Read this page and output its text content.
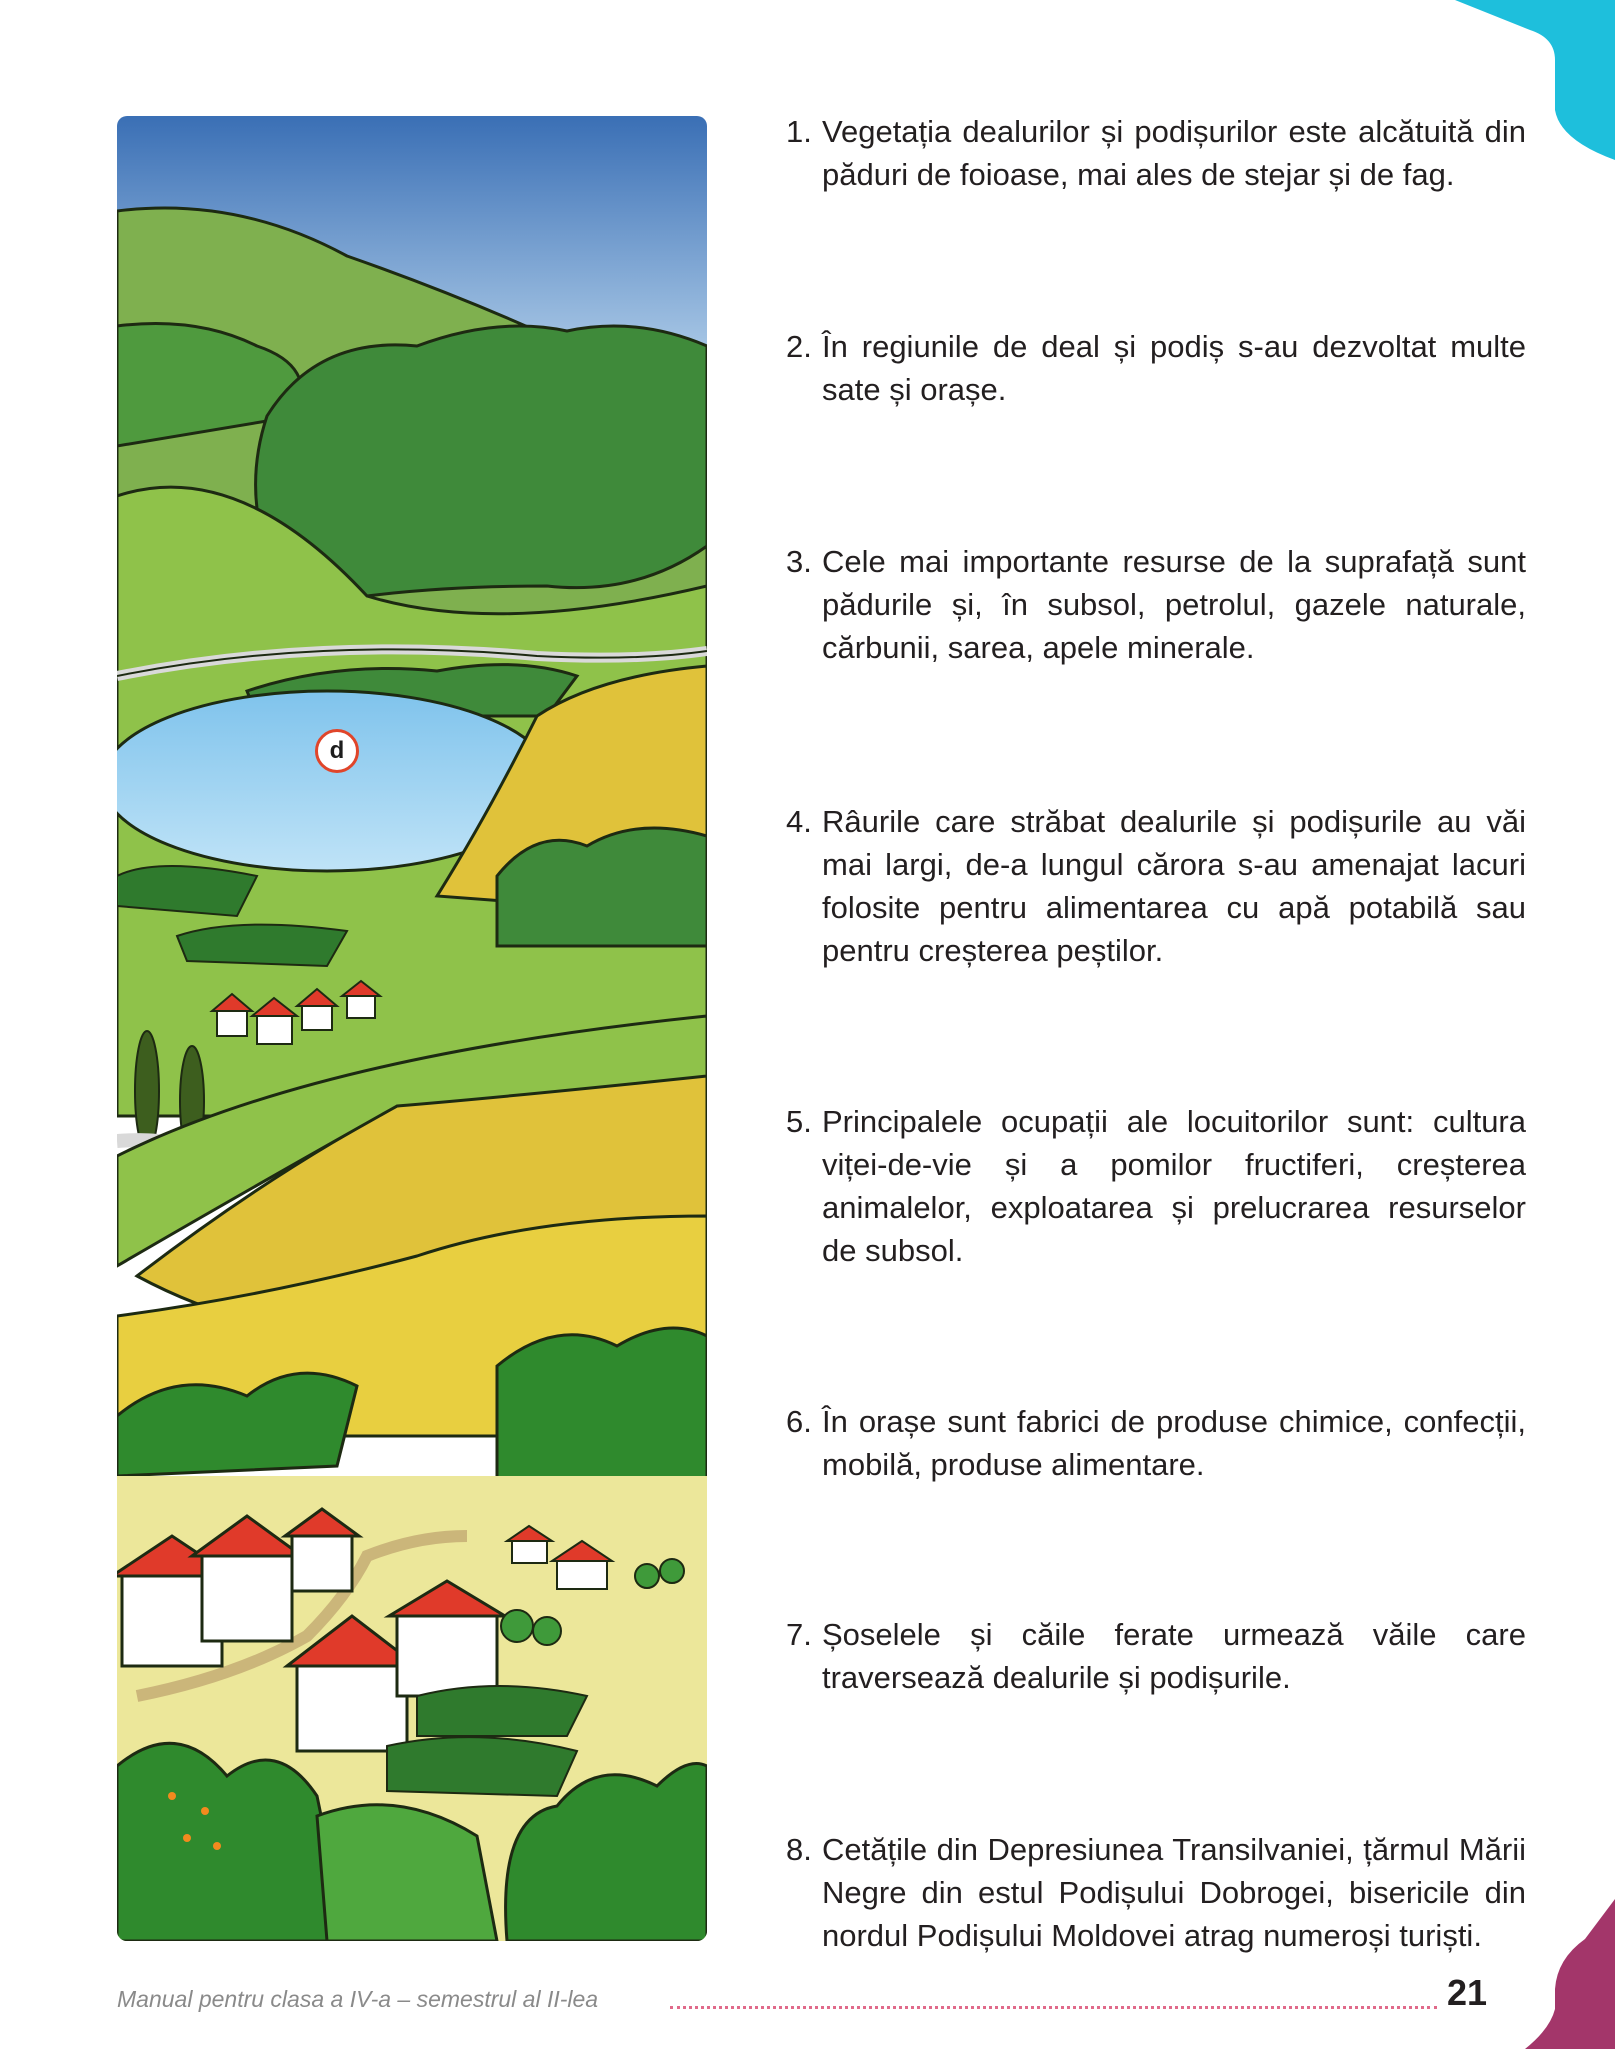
d
1. Vegetația dealurilor și podișurilor este alcătuită din păduri de foioase, mai ales de stejar și de fag.
2. În regiunile de deal și podiș s-au dezvoltat multe sate și orașe.
3. Cele mai importante resurse de la suprafață sunt pădurile și, în subsol, petrolul, gazele naturale, cărbunii, sarea, apele minerale.
4. Râurile care străbat dealurile și podișurile au văi mai largi, de-a lungul cărora s-au amenajat lacuri folosite pentru alimentarea cu apă potabilă sau pentru creșterea peștilor.
5. Principalele ocupații ale locuitorilor sunt: cultura viței-de-vie și a pomilor fructiferi, creșterea animalelor, exploatarea și prelucrarea resurselor de subsol.
6. În orașe sunt fabrici de produse chimice, confecții, mobilă, produse alimentare.
7. Șoselele și căile ferate urmează văile care traversează dealurile și podișurile.
8. Cetățile din Depresiunea Transilvaniei, țărmul Mării Negre din estul Podișului Dobrogei, bisericile din nordul Podișului Moldovei atrag numeroși turiști.
Manual pentru clasa a IV-a – semestrul al II-lea	21
